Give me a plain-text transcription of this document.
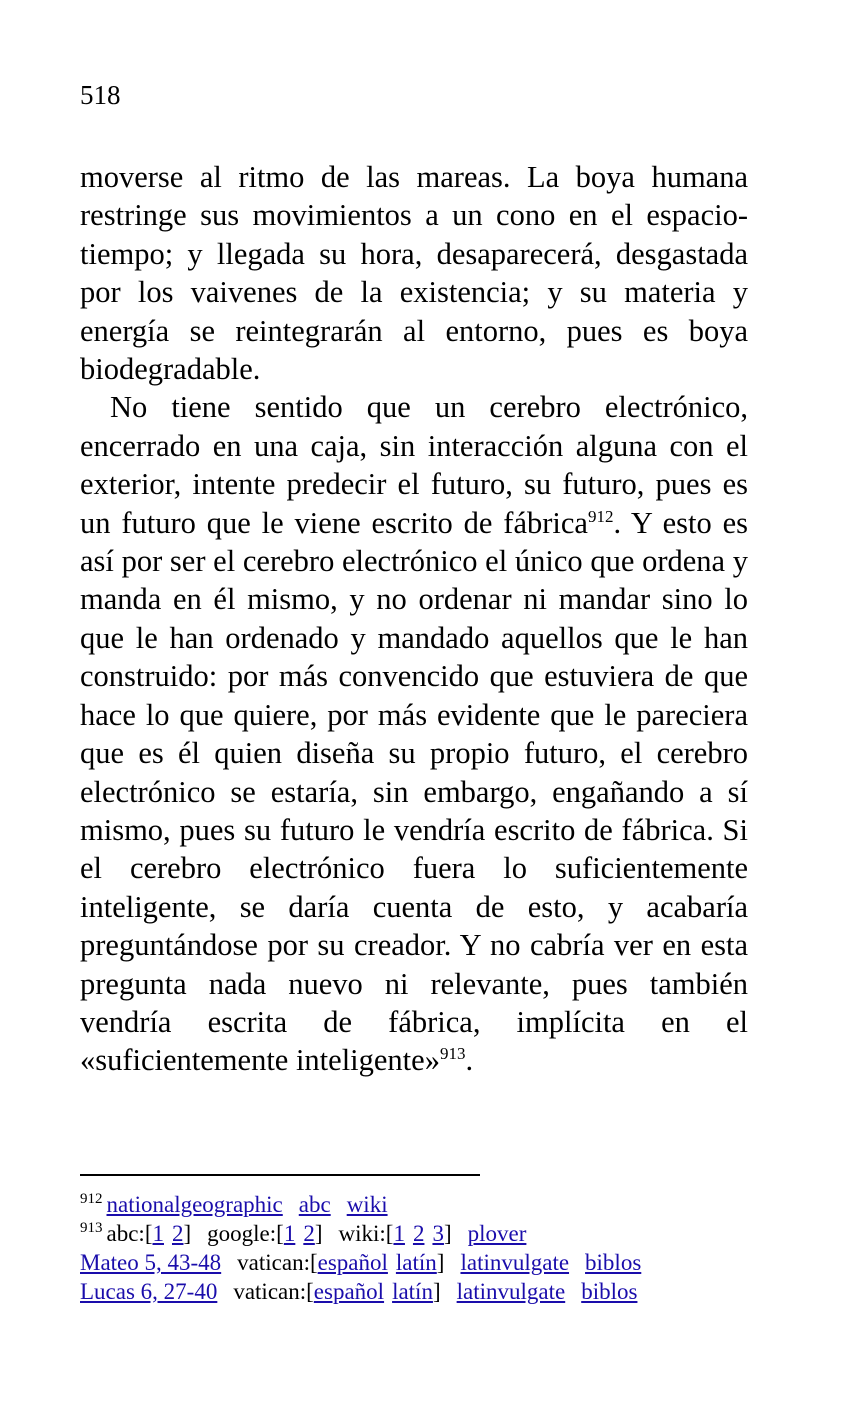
518

moverse al ritmo de las mareas. La boya humana restringe sus movimientos a un cono en el espacio-tiempo; y llegada su hora, desaparecerá, desgastada por los vaivenes de la existencia; y su materia y energía se reintegrarán al entorno, pues es boya biodegradable.

No tiene sentido que un cerebro electrónico, encerrado en una caja, sin interacción alguna con el exterior, intente predecir el futuro, su futuro, pues es un futuro que le viene escrito de fábrica$^{912}$. Y esto es así por ser el cerebro electrónico el único que ordena y manda en él mismo, y no ordenar ni mandar sino lo que le han ordenado y mandado aquellos que le han construido: por más convencido que estuviera de que hace lo que quiere, por más evidente que le pareciera que es él quien diseña su propio futuro, el cerebro electrónico se estaría, sin embargo, engañando a sí mismo, pues su futuro le vendría escrito de fábrica. Si el cerebro electrónico fuera lo suficientemente inteligente, se daría cuenta de esto, y acabaría preguntándose por su creador. Y no cabría ver en esta pregunta nada nuevo ni relevante, pues también vendría escrita de fábrica, implícita en el «suficientemente inteligente»$^{913}$.

$^{912}$ nationalgeographic abc wiki
$^{913}$ abc:[1 2] google:[1 2] wiki:[1 2 3] plover
Mateo 5, 43-48 vatican:[español latín] latinvulgate biblos
Lucas 6, 27-40 vatican:[español latín] latinvulgate biblos
